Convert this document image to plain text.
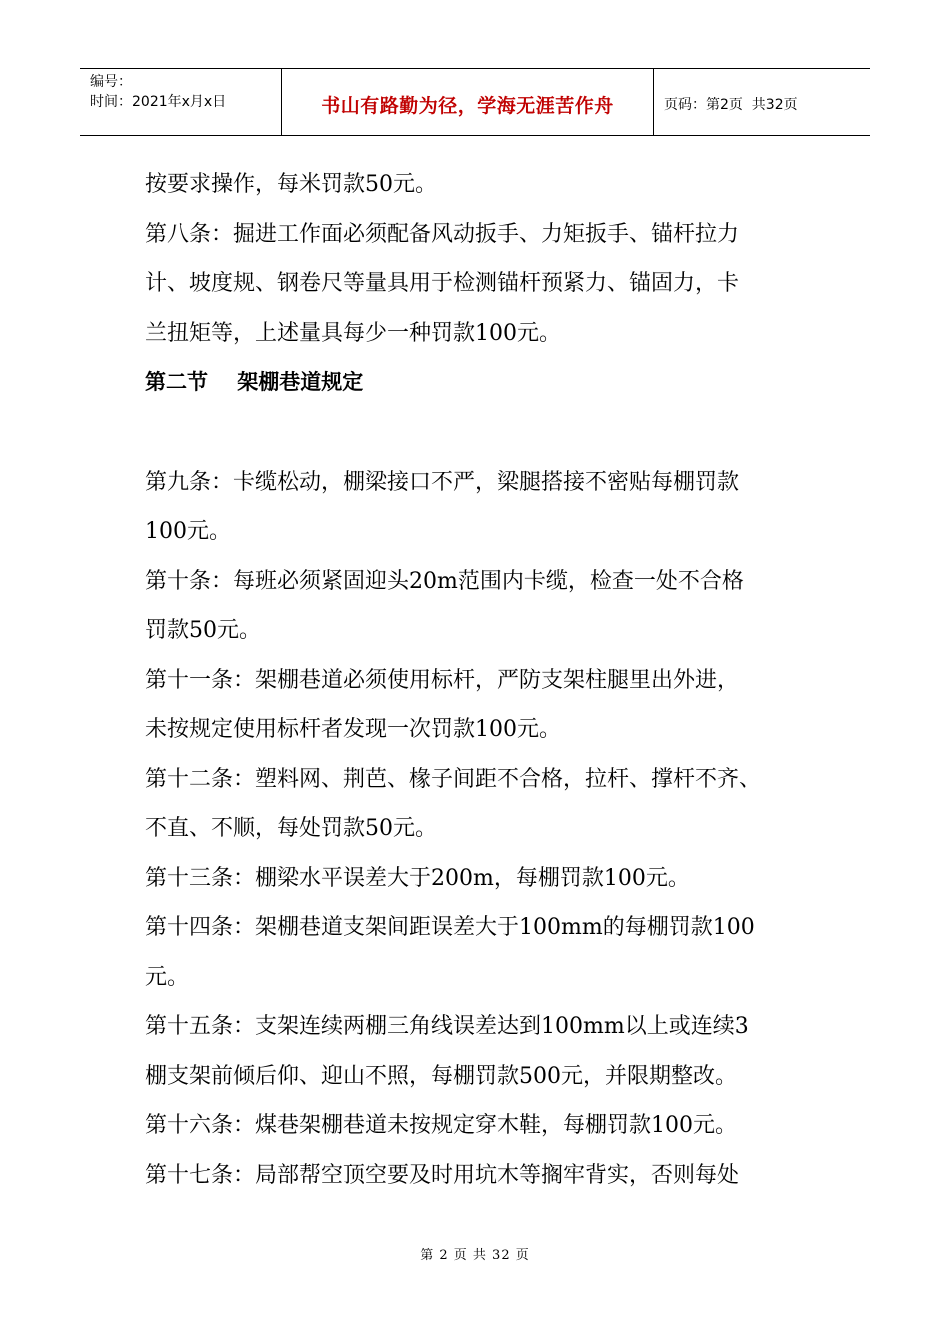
编号：
时间：2021年x月x日	书山有路勤为径，学海无涯苦作舟	页码：第2页  共32页
按要求操作，每米罚款50元。
第八条：掘进工作面必须配备风动扳手、力矩扳手、锚杆拉力
计、坡度规、钢卷尺等量具用于检测锚杆预紧力、锚固力，卡
兰扭矩等，上述量具每少一种罚款100元。
第二节    架棚巷道规定
第九条：卡缆松动，棚梁接口不严，梁腿搭接不密贴每棚罚款
100元。
第十条：每班必须紧固迎头20m范围内卡缆，检查一处不合格
罚款50元。
第十一条：架棚巷道必须使用标杆，严防支架柱腿里出外进，
未按规定使用标杆者发现一次罚款100元。
第十二条：塑料网、荆芭、椽子间距不合格，拉杆、撑杆不齐、
不直、不顺，每处罚款50元。
第十三条：棚梁水平误差大于200m，每棚罚款100元。
第十四条：架棚巷道支架间距误差大于100mm的每棚罚款100
元。
第十五条：支架连续两棚三角线误差达到100mm以上或连续3
棚支架前倾后仰、迎山不照，每棚罚款500元，并限期整改。
第十六条：煤巷架棚巷道未按规定穿木鞋，每棚罚款100元。
第十七条：局部帮空顶空要及时用坑木等搁牢背实，否则每处
第 2 页 共 32 页
